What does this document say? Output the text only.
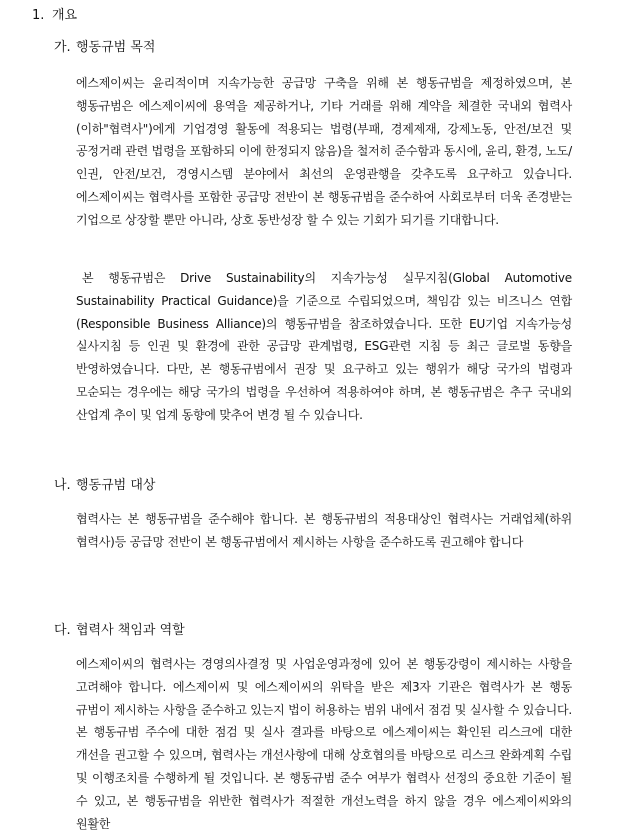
1. 개요
가. 행동규범 목적
에스제이씨는 윤리적이며 지속가능한 공급망 구축을 위해 본 행동규범을 제정하였으며, 본 행동규범은 에스제이씨에 용역을 제공하거나, 기타 거래를 위해 계약을 체결한 국내외 협력사(이하"협력사")에게 기업경영 활동에 적용되는 법령(부패, 경제제재, 강제노동, 안전/보건 및 공정거래 관련 법령을 포함하되 이에 한정되지 않음)을 철저히 준수함과 동시에, 윤리, 환경, 노도/인권, 안전/보건, 경영시스템 분야에서 최선의 운영관행을 갖추도록 요구하고 있습니다. 에스제이씨는 협력사를 포함한 공급망 전반이 본 행동규범을 준수하여 사회로부터 더욱 존경받는 기업으로 상장할 뿐만 아니라, 상호 동반성장 할 수 있는 기회가 되기를 기대합니다.
본 행동규범은 Drive Sustainability의 지속가능성 실무지침(Global Automotive Sustainability Practical Guidance)을 기준으로 수립되었으며, 책임감 있는 비즈니스 연합(Responsible Business Alliance)의 행동규범을 참조하였습니다. 또한 EU기업 지속가능성 실사지침 등 인권 및 환경에 관한 공급망 관계법령, ESG관련 지침 등 최근 글로벌 동향을 반영하였습니다. 다만, 본 행동규범에서 권장 및 요구하고 있는 행위가 해당 국가의 법령과 모순되는 경우에는 해당 국가의 법령을 우선하여 적용하여야 하며, 본 행동규범은 추구 국내외 산업계 추이 및 업계 동향에 맞추어 변경 될 수 있습니다.
나. 행동규범 대상
협력사는 본 행동규범을 준수해야 합니다. 본 행동규범의 적용대상인 협력사는 거래업체(하위 협력사)등 공급망 전반이 본 행동규범에서 제시하는 사항을 준수하도록 권고해야 합니다
다. 협력사 책임과 역할
에스제이씨의 협력사는 경영의사결정 및 사업운영과정에 있어 본 행동강령이 제시하는 사항을 고려해야 합니다. 에스제이씨 및 에스제이씨의 위탁을 받은 제3자 기관은 협력사가 본 행동 규범이 제시하는 사항을 준수하고 있는지 법이 허용하는 범위 내에서 점검 및 실사할 수 있습니다. 본 행동규범 주수에 대한 점검 및 실사 결과를 바탕으로 에스제이씨는 확인된 리스크에 대한 개선을 권고할 수 있으며, 협력사는 개선사항에 대해 상호협의를 바탕으로 리스크 완화계획 수립 및 이행조치를 수행하게 될 것입니다. 본 행동규범 준수 여부가 협력사 선정의 중요한 기준이 될 수 있고, 본 행동규범을 위반한 협력사가 적절한 개선노력을 하지 않을 경우 에스제이씨와의 원활한
